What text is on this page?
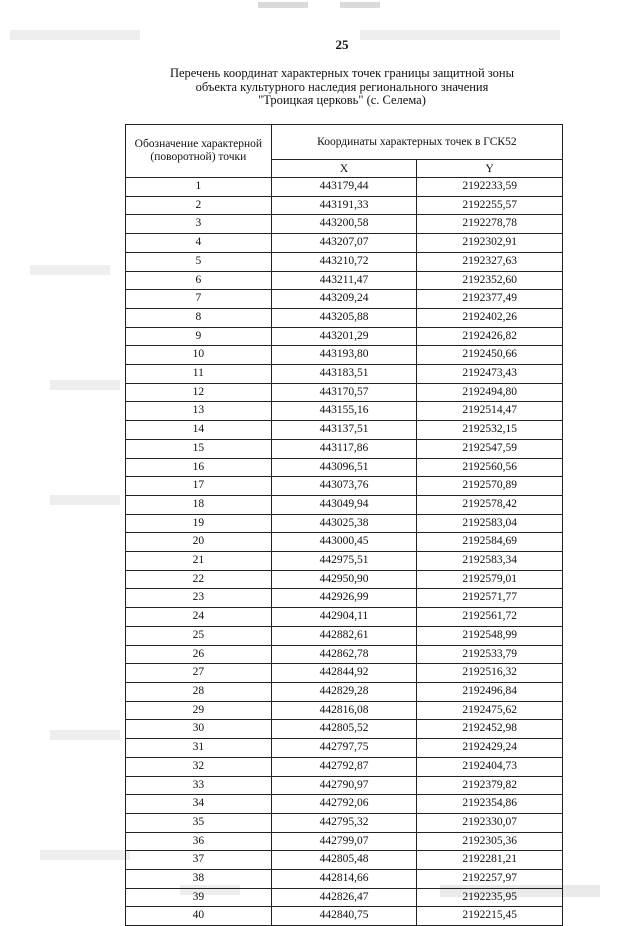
25
Перечень координат характерных точек границы защитной зоны
объекта культурного наследия регионального значения
"Троицкая церковь" (с. Селема)
Обозначение характерной (поворотной) точки	Координаты характерных точек в ГСК52	
	X	Y
1	443179,44	2192233,59
2	443191,33	2192255,57
3	443200,58	2192278,78
4	443207,07	2192302,91
5	443210,72	2192327,63
6	443211,47	2192352,60
7	443209,24	2192377,49
8	443205,88	2192402,26
9	443201,29	2192426,82
10	443193,80	2192450,66
11	443183,51	2192473,43
12	443170,57	2192494,80
13	443155,16	2192514,47
14	443137,51	2192532,15
15	443117,86	2192547,59
16	443096,51	2192560,56
17	443073,76	2192570,89
18	443049,94	2192578,42
19	443025,38	2192583,04
20	443000,45	2192584,69
21	442975,51	2192583,34
22	442950,90	2192579,01
23	442926,99	2192571,77
24	442904,11	2192561,72
25	442882,61	2192548,99
26	442862,78	2192533,79
27	442844,92	2192516,32
28	442829,28	2192496,84
29	442816,08	2192475,62
30	442805,52	2192452,98
31	442797,75	2192429,24
32	442792,87	2192404,73
33	442790,97	2192379,82
34	442792,06	2192354,86
35	442795,32	2192330,07
36	442799,07	2192305,36
37	442805,48	2192281,21
38	442814,66	2192257,97
39	442826,47	2192235,95
40	442840,75	2192215,45
